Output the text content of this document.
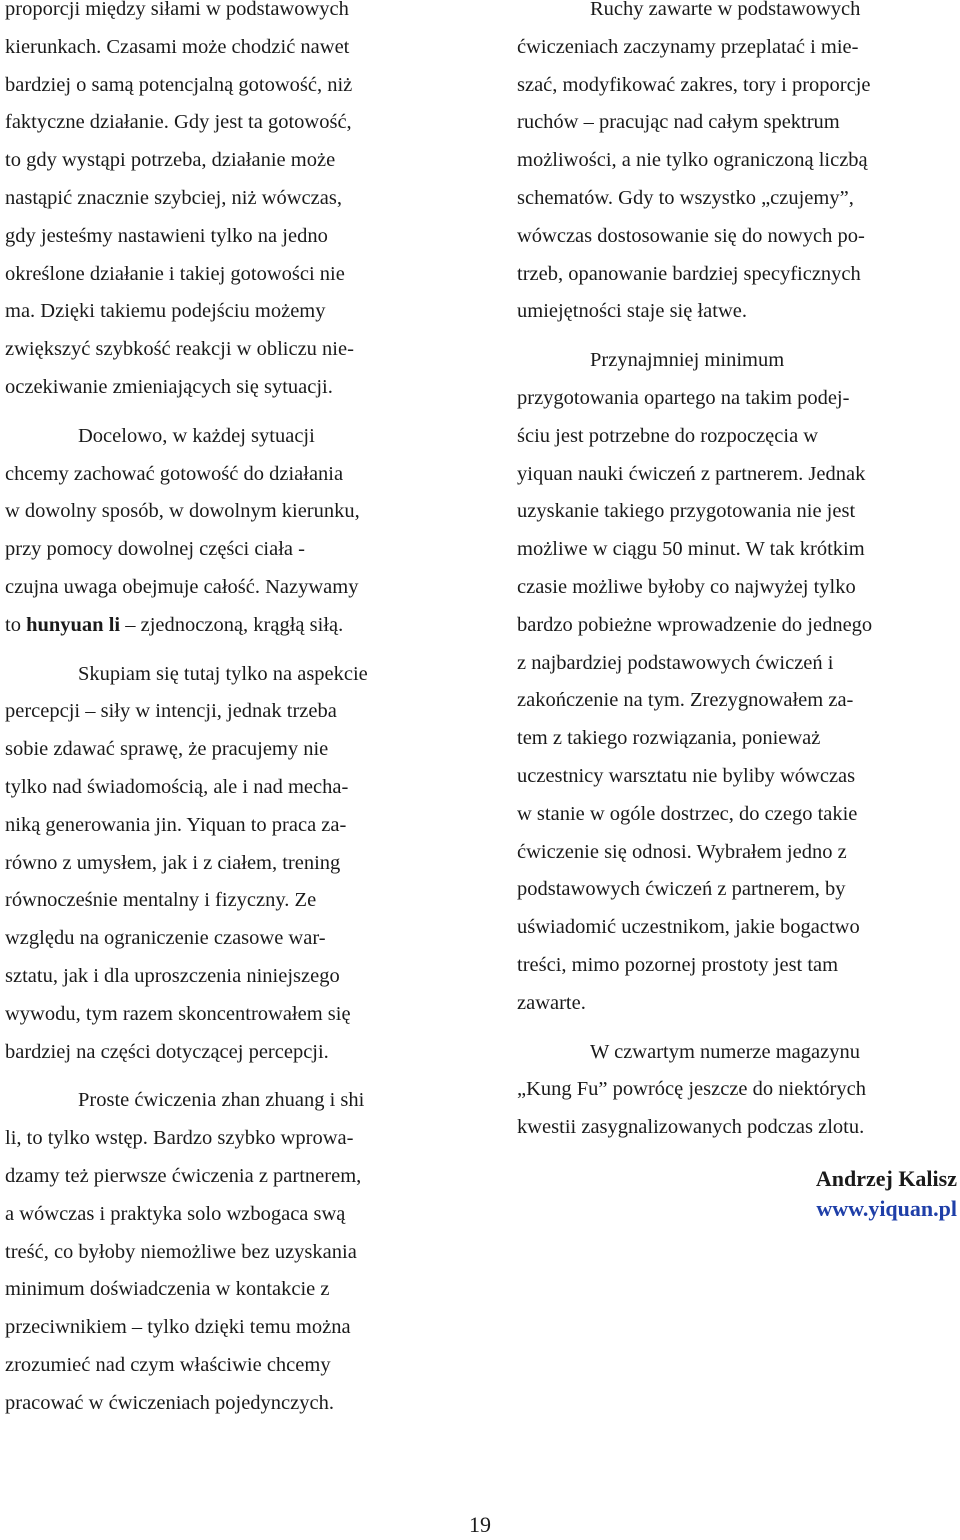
proporcji między siłami w podstawowych
kierunkach. Czasami może chodzić nawet
bardziej o samą potencjalną gotowość, niż
faktyczne działanie. Gdy jest ta gotowość,
to gdy wystąpi potrzeba, działanie może
nastąpić znacznie szybciej, niż wówczas,
gdy jesteśmy nastawieni tylko na jedno
określone działanie i takiej gotowości nie
ma. Dzięki takiemu podejściu możemy
zwiększyć szybkość reakcji w obliczu nie-
oczekiwanie zmieniających się sytuacji.
Docelowo, w każdej sytuacji
chcemy zachować gotowość do działania
w dowolny sposób, w dowolnym kierunku,
przy pomocy dowolnej części ciała -
czujna uwaga obejmuje całość. Nazywamy
to hunyuan li – zjednoczoną, krągłą siłą.
Skupiam się tutaj tylko na aspekcie
percepcji – siły w intencji, jednak trzeba
sobie zdawać sprawę, że pracujemy nie
tylko nad świadomością, ale i nad mecha-
niką generowania jin. Yiquan to praca za-
równo z umysłem, jak i z ciałem, trening
równocześnie mentalny i fizyczny. Ze
względu na ograniczenie czasowe war-
sztatu, jak i dla uproszczenia niniejszego
wywodu, tym razem skoncentrowałem się
bardziej na części dotyczącej percepcji.
Proste ćwiczenia zhan zhuang i shi
li, to tylko wstęp. Bardzo szybko wprowa-
dzamy też pierwsze ćwiczenia z partnerem,
a wówczas i praktyka solo wzbogaca swą
treść, co byłoby niemożliwe bez uzyskania
minimum doświadczenia w kontakcie z
przeciwnikiem – tylko dzięki temu można
zrozumieć nad czym właściwie chcemy
pracować w ćwiczeniach pojedynczych.
Ruchy zawarte w podstawowych
ćwiczeniach zaczynamy przeplatać i mie-
szać, modyfikować zakres, tory i proporcje
ruchów – pracując nad całym spektrum
możliwości, a nie tylko ograniczoną liczbą
schematów. Gdy to wszystko „czujemy”,
wówczas dostosowanie się do nowych po-
trzeb, opanowanie bardziej specyficznych
umiejętności staje się łatwe.
Przynajmniej minimum
przygotowania opartego na takim podej-
ściu jest potrzebne do rozpoczęcia w
yiquan nauki ćwiczeń z partnerem. Jednak
uzyskanie takiego przygotowania nie jest
możliwe w ciągu 50 minut. W tak krótkim
czasie możliwe byłoby co najwyżej tylko
bardzo pobieżne wprowadzenie do jednego
z najbardziej podstawowych ćwiczeń i
zakończenie na tym. Zrezygnowałem za-
tem z takiego rozwiązania, ponieważ
uczestnicy warsztatu nie byliby wówczas
w stanie w ogóle dostrzec, do czego takie
ćwiczenie się odnosi. Wybrałem jedno z
podstawowych ćwiczeń z partnerem, by
uświadomić uczestnikom, jakie bogactwo
treści, mimo pozornej prostoty jest tam
zawarte.
W czwartym numerze magazynu
„Kung Fu” powrócę jeszcze do niektórych
kwestii zasygnalizowanych podczas zlotu.
Andrzej Kalisz
www.yiquan.pl
19
